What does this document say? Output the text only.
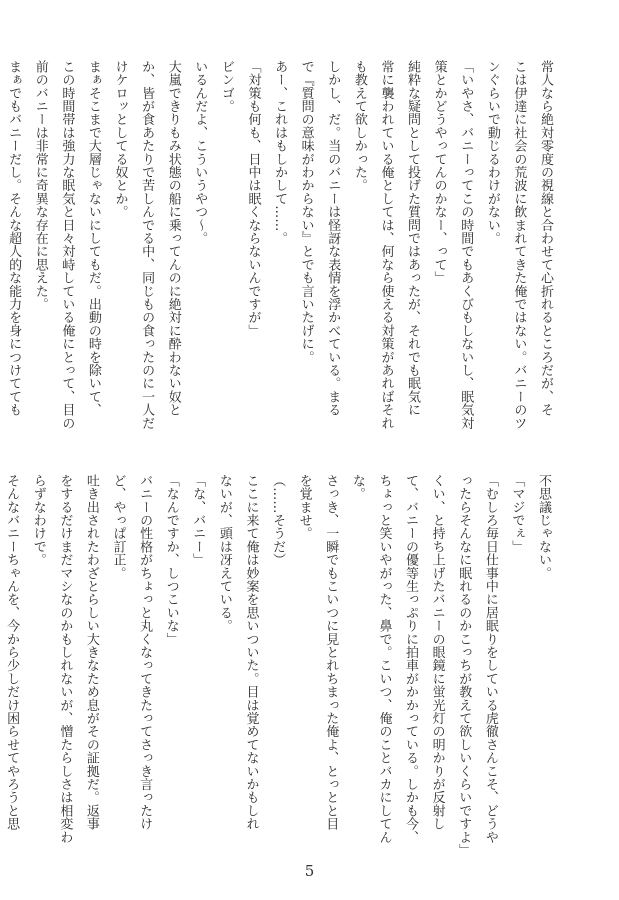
常人なら絶対零度の視線と合わせて心折れるところだが、そ
こは伊達に社会の荒波に飲まれてきた俺ではない。バニーのツ
ンぐらいで動じるわけがない。
「いやさ、バニーってこの時間でもあくびもしないし、眠気対
策とかどうやってんのかなー、って」
純粋な疑問として投げた質問ではあったが、それでも眠気に
常に襲われている俺としては、何なら使える対策があればそれ
も教えて欲しかった。
しかし、だ。当のバニーは怪訝な表情を浮かべている。まる
で『質問の意味がわからない』とでも言いたげに。
あー、これはもしかして……。
「対策も何も、日中は眠くならないんですが」
ビンゴ。
いるんだよ、こういうやつ～。
大嵐できりもみ状態の船に乗ってんのに絶対に酔わない奴と
か、皆が食あたりで苦しんでる中、同じもの食ったのに一人だ
けケロッとしてる奴とか。
まぁそこまで大層じゃないにしてもだ。出動の時を除いて、
この時間帯は強力な眠気と日々対峙している俺にとって、目の
前のバニーは非常に奇異な存在に思えた。
まぁでもバニーだし。そんな超人的な能力を身につけてても
不思議じゃない。
「マジでぇ」
「むしろ毎日仕事中に居眠りをしている虎徹さんこそ、どうや
ったらそんなに眠れるのかこっちが教えて欲しいくらいですよ」
くい、と持ち上げたバニーの眼鏡に蛍光灯の明かりが反射し
て、バニーの優等生っぷりに拍車がかかっている。しかも今、
ちょっと笑いやがった、鼻で。こいつ、俺のことバカにしてん
な。
さっき、一瞬でもこいつに見とれちまった俺よ、とっとと目
を覚ませ。
（……そうだ）
ここに来て俺は妙案を思いついた。目は覚めてないかもしれ
ないが、頭は冴えている。
「な、バニー」
「なんですか、しつこいな」
バニーの性格がちょっと丸くなってきたってさっき言ったけ
ど、やっぱ訂正。
吐き出されたわざとらしい大きなため息がその証拠だ。返事
をするだけまだマシなのかもしれないが、憎たらしさは相変わ
らずなわけで。
そんなバニーちゃんを、今から少しだけ困らせてやろうと思
5
